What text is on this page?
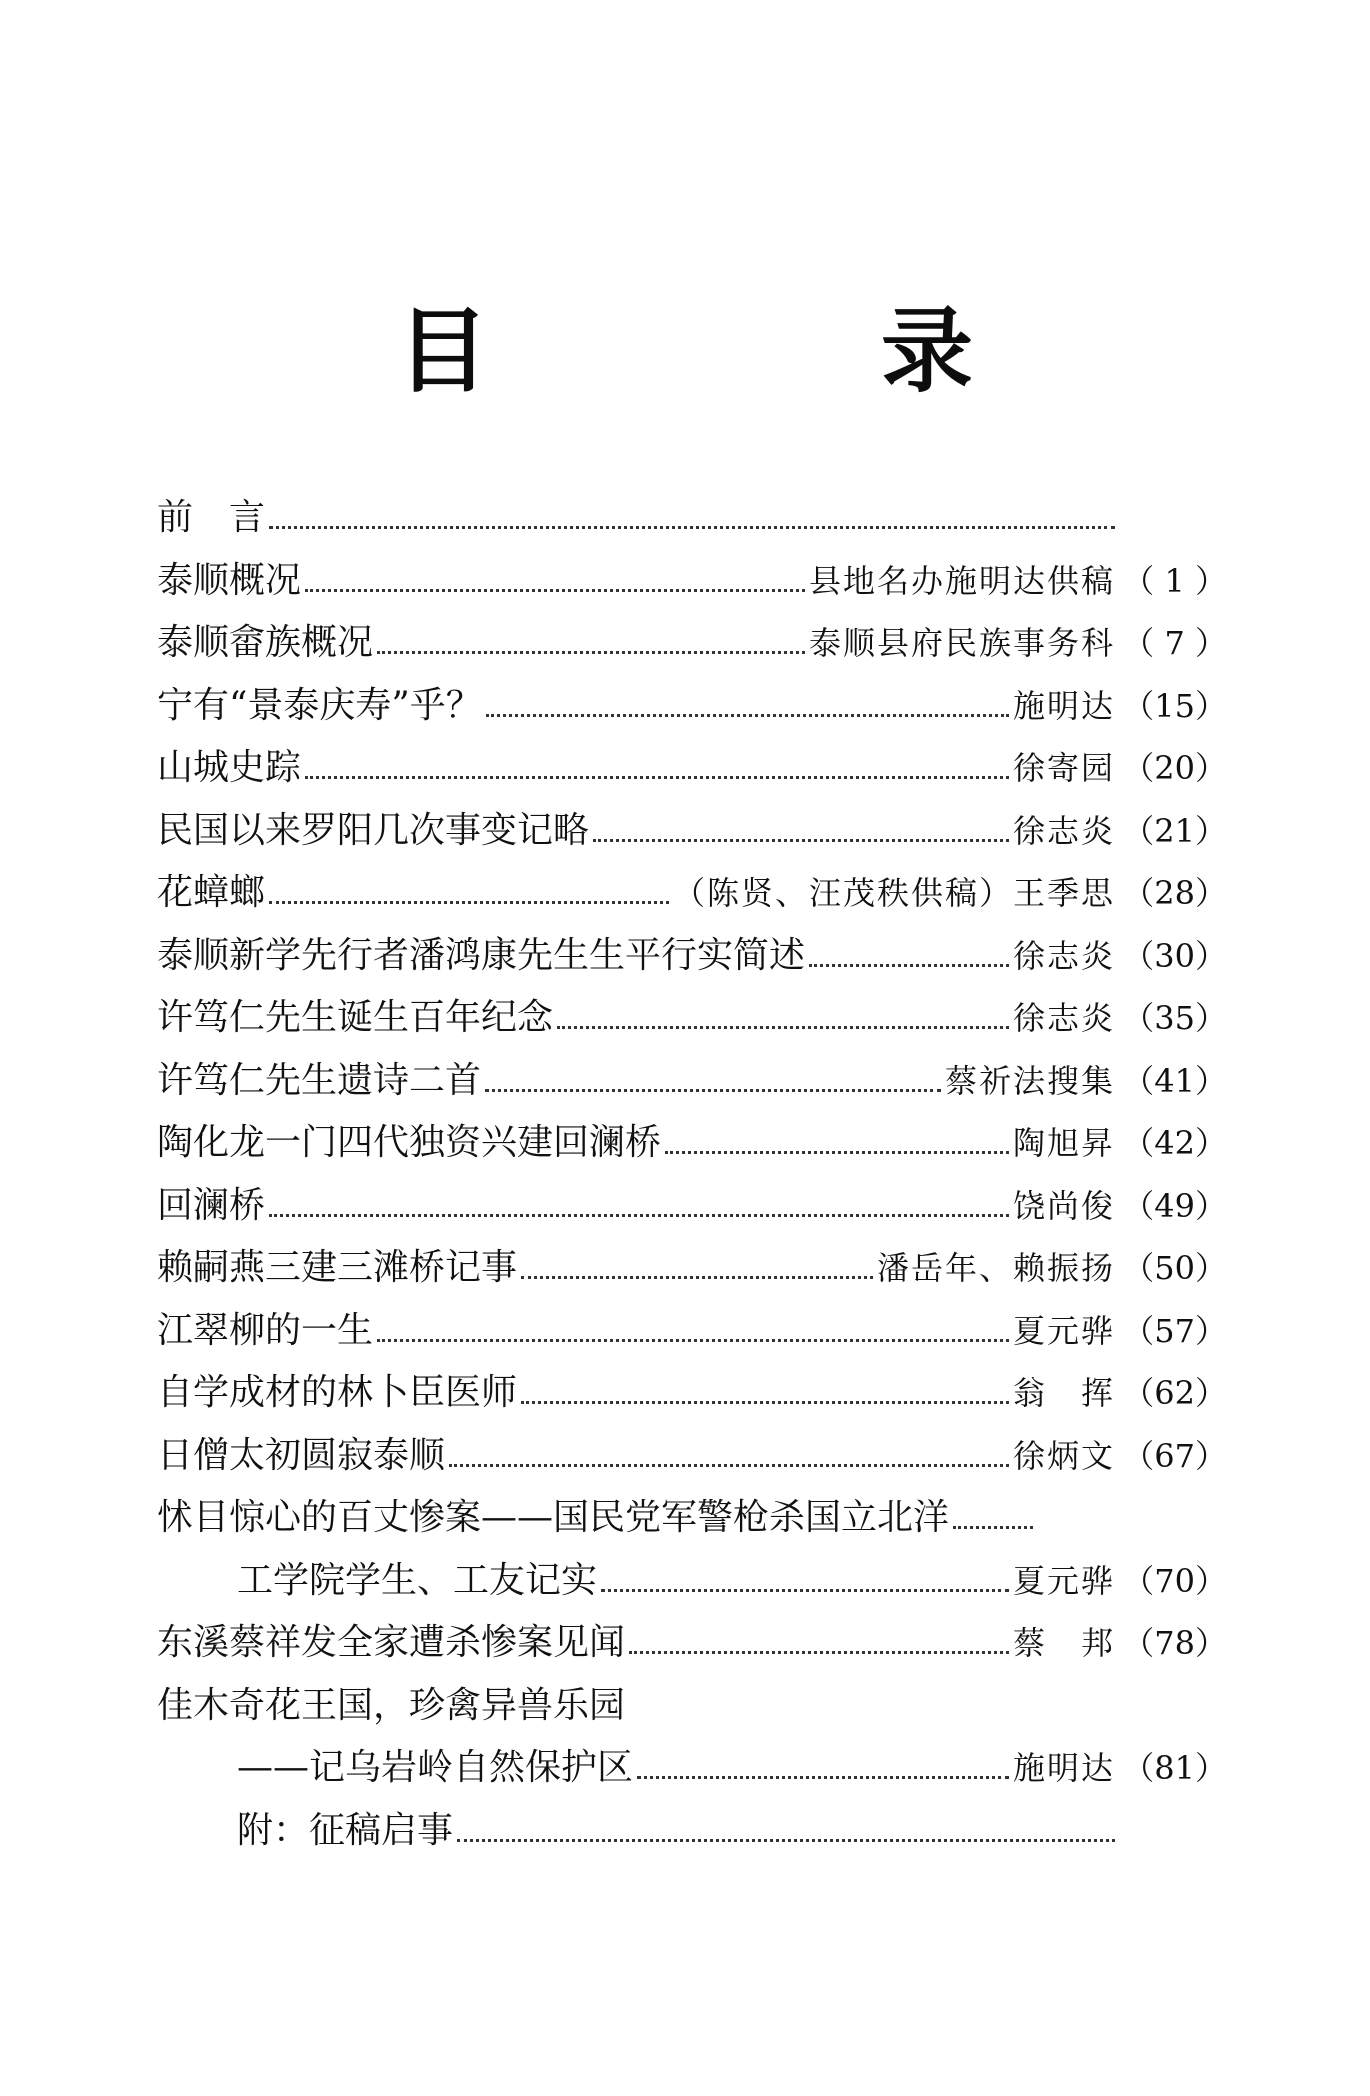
目　录
前　言
泰顺概况	县地名办施明达供稿 （ 1 ）
泰顺畲族概况	泰顺县府民族事务科 （ 7 ）
宁有“景泰庆寿”乎？	施明达 （15）
山城史踪	徐寄园 （20）
民国以来罗阳几次事变记略	徐志炎 （21）
花蟑螂	（陈贤、汪茂秩供稿）王季思 （28）
泰顺新学先行者潘鸿康先生生平行实简述	徐志炎 （30）
许笃仁先生诞生百年纪念	徐志炎 （35）
许笃仁先生遗诗二首	蔡祈法搜集 （41）
陶化龙一门四代独资兴建回澜桥	陶旭昇 （42）
回澜桥	饶尚俊 （49）
赖嗣燕三建三滩桥记事	潘岳年、赖振扬 （50）
江翠柳的一生	夏元骅 （57）
自学成材的林卜臣医师	翁　挥 （62）
日僧太初圆寂泰顺	徐炳文 （67）
怵目惊心的百丈惨案——国民党军警枪杀国立北洋
工学院学生、工友记实	夏元骅 （70）
东溪蔡祥发全家遭杀惨案见闻	蔡　邦 （78）
佳木奇花王国，珍禽异兽乐园
——记乌岩岭自然保护区	施明达 （81）
附：征稿启事
